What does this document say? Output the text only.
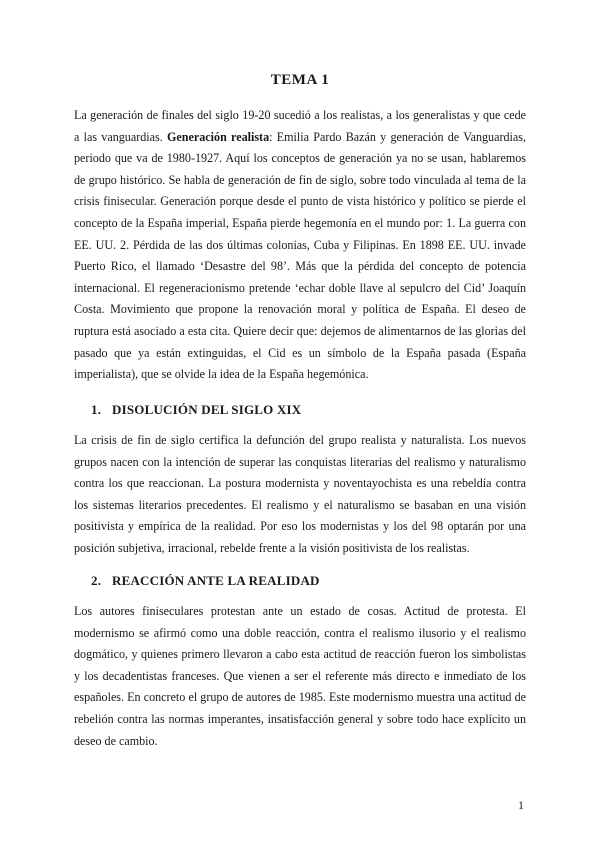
TEMA 1

La generación de finales del siglo 19-20 sucedió a los realistas, a los generalistas y que cede a las vanguardias. Generación realista: Emilia Pardo Bazán y generación de Vanguardias, periodo que va de 1980-1927. Aquí los conceptos de generación ya no se usan, hablaremos de grupo histórico. Se habla de generación de fin de siglo, sobre todo vinculada al tema de la crisis finisecular. Generación porque desde el punto de vista histórico y político se pierde el concepto de la España imperial, España pierde hegemonía en el mundo por: 1. La guerra con EE. UU. 2. Pérdida de las dos últimas colonias, Cuba y Filipinas. En 1898 EE. UU. invade Puerto Rico, el llamado ‘Desastre del 98’. Más que la pérdida del concepto de potencia internacional. El regeneracionismo pretende ‘echar doble llave al sepulcro del Cid’ Joaquín Costa. Movimiento que propone la renovación moral y política de España. El deseo de ruptura está asociado a esta cita. Quiere decir que: dejemos de alimentarnos de las glorias del pasado que ya están extinguidas, el Cid es un símbolo de la España pasada (España imperialista), que se olvide la idea de la España hegemónica.

1. DISOLUCIÓN DEL SIGLO XIX

La crisis de fin de siglo certifica la defunción del grupo realista y naturalista. Los nuevos grupos nacen con la intención de superar las conquistas literarias del realismo y naturalismo contra los que reaccionan. La postura modernista y noventayochista es una rebeldía contra los sistemas literarios precedentes. El realismo y el naturalismo se basaban en una visión positivista y empírica de la realidad. Por eso los modernistas y los del 98 optarán por una posición subjetiva, irracional, rebelde frente a la visión positivista de los realistas.

2. REACCIÓN ANTE LA REALIDAD

Los autores finiseculares protestan ante un estado de cosas. Actitud de protesta. El modernismo se afirmó como una doble reacción, contra el realismo ilusorio y el realismo dogmático, y quienes primero llevaron a cabo esta actitud de reacción fueron los simbolistas y los decadentistas franceses. Que vienen a ser el referente más directo e inmediato de los españoles. En concreto el grupo de autores de 1985. Este modernismo muestra una actitud de rebelión contra las normas imperantes, insatisfacción general y sobre todo hace explícito un deseo de cambio.

1
